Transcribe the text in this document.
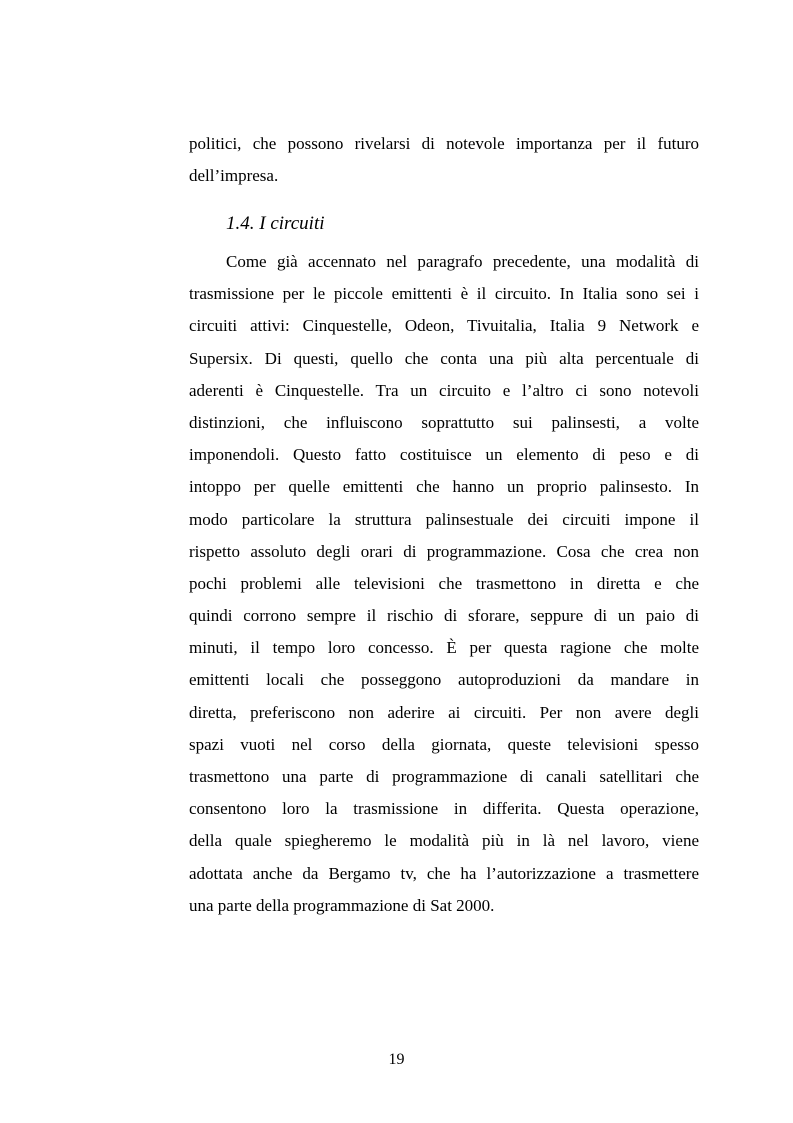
politici, che possono rivelarsi di notevole importanza per il futuro
dell’impresa.
1.4. I circuiti
Come già accennato nel paragrafo precedente, una modalità di
trasmissione per le piccole emittenti è il circuito. In Italia sono sei i
circuiti attivi: Cinquestelle, Odeon, Tivuitalia, Italia 9 Network e
Supersix. Di questi, quello che conta una più alta percentuale di
aderenti è Cinquestelle. Tra un circuito e l’altro ci sono notevoli
distinzioni, che influiscono soprattutto sui palinsesti, a volte
imponendoli. Questo fatto costituisce un elemento di peso e di
intoppo per quelle emittenti che hanno un proprio palinsesto. In
modo particolare la struttura palinsestuale dei circuiti impone il
rispetto assoluto degli orari di programmazione. Cosa che crea non
pochi problemi alle televisioni che trasmettono in diretta e che
quindi corrono sempre il rischio di sforare, seppure di un paio di
minuti, il tempo loro concesso. È per questa ragione che molte
emittenti locali che posseggono autoproduzioni da mandare in
diretta, preferiscono non aderire ai circuiti. Per non avere degli
spazi vuoti nel corso della giornata, queste televisioni spesso
trasmettono una parte di programmazione di canali satellitari che
consentono loro la trasmissione in differita. Questa operazione,
della quale spiegheremo le modalità più in là nel lavoro, viene
adottata anche da Bergamo tv, che ha l’autorizzazione a trasmettere
una parte della programmazione di Sat 2000.
19
